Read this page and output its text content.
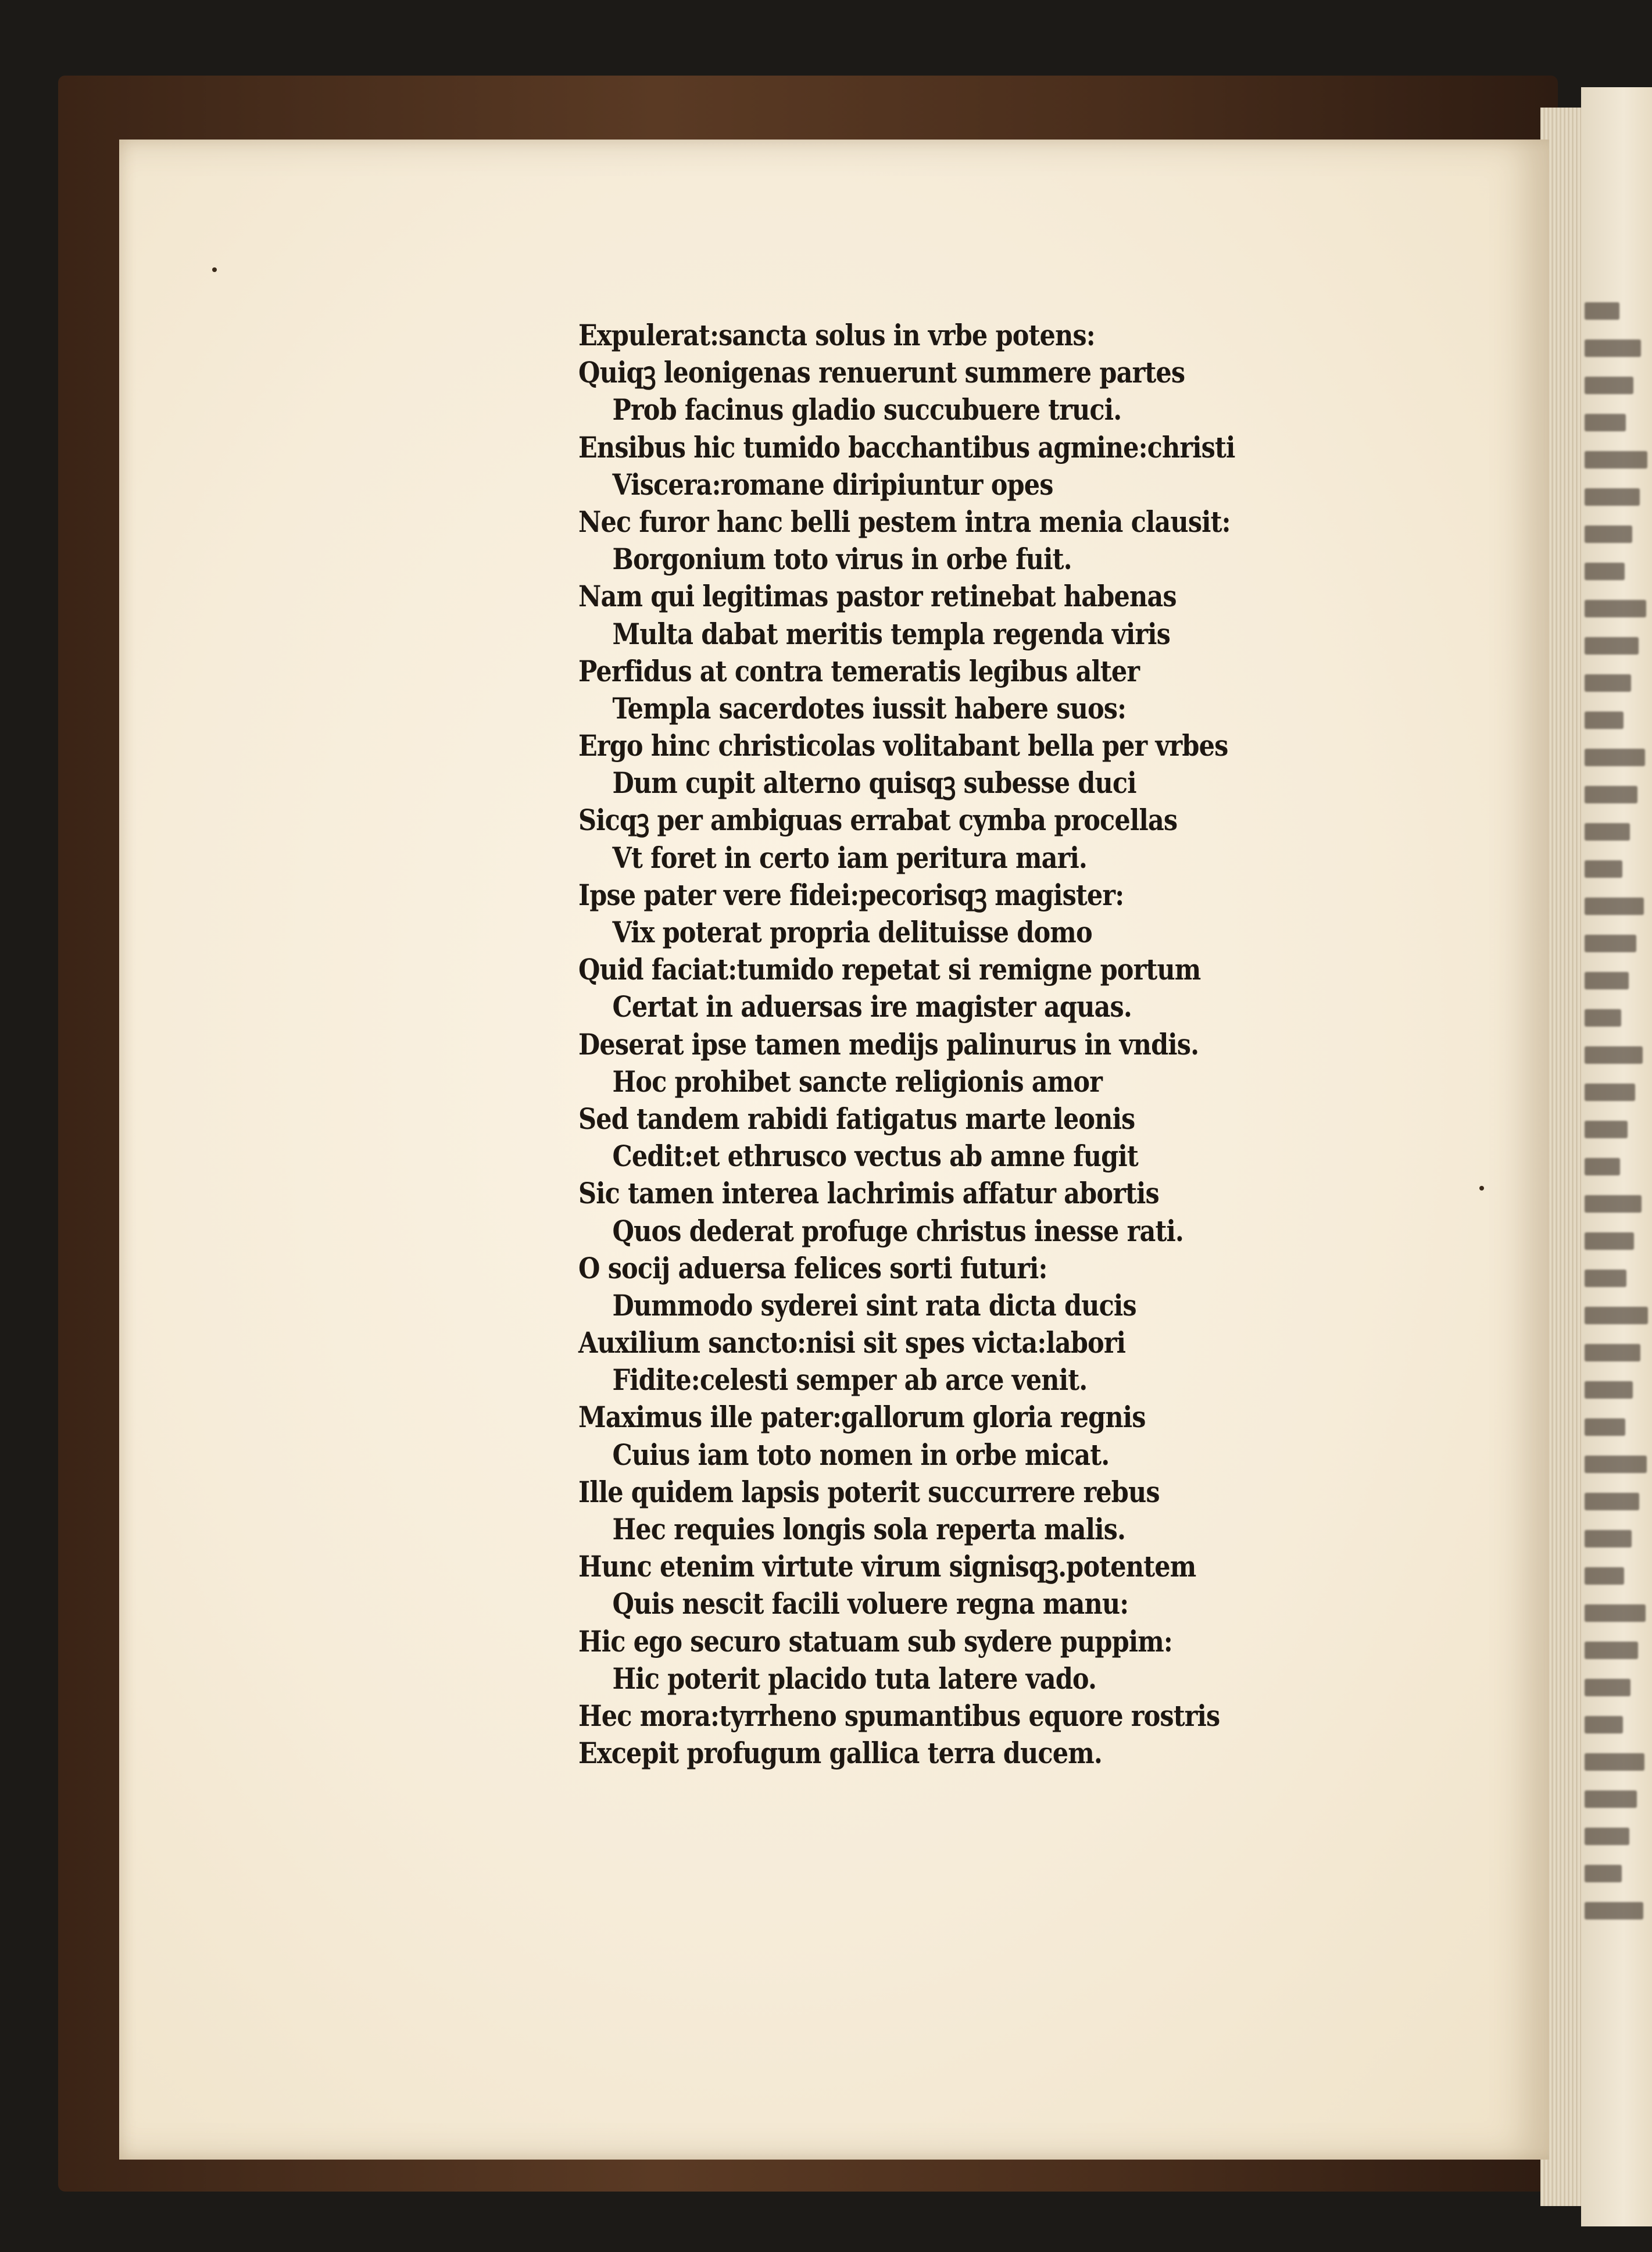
Expulerat:sancta solus in vrbe potens:
Quiqꝫ leonigenas renuerunt summere partes
Prob facinus gladio succubuere truci.
Ensibus hic tumido bacchantibus agmine:christi
Viscera:romane diripiuntur opes
Nec furor hanc belli pestem intra menia clausit:
Borgonium toto virus in orbe fuit.
Nam qui legitimas pastor retinebat habenas
Multa dabat meritis templa regenda viris
Perfidus at contra temeratis legibus alter
Templa sacerdotes iussit habere suos:
Ergo hinc christicolas volitabant bella per vrbes
Dum cupit alterno quisqꝫ subesse duci
Sicqꝫ per ambiguas errabat cymba procellas
Vt foret in certo iam peritura mari.
Ipse pater vere fidei:pecorisqꝫ magister:
Vix poterat propria delituisse domo
Quid faciat:tumido repetat si remigne portum
Certat in aduersas ire magister aquas.
Deserat ipse tamen medijs palinurus in vndis.
Hoc prohibet sancte religionis amor
Sed tandem rabidi fatigatus marte leonis
Cedit:et ethrusco vectus ab amne fugit
Sic tamen interea lachrimis affatur abortis
Quos dederat profuge christus inesse rati.
O socij aduersa felices sorti futuri:
Dummodo syderei sint rata dicta ducis
Auxilium sancto:nisi sit spes victa:labori
Fidite:celesti semper ab arce venit.
Maximus ille pater:gallorum gloria regnis
Cuius iam toto nomen in orbe micat.
Ille quidem lapsis poterit succurrere rebus
Hec requies longis sola reperta malis.
Hunc etenim virtute virum signisqꝫ.potentem
Quis nescit facili voluere regna manu:
Hic ego securo statuam sub sydere puppim:
Hic poterit placido tuta latere vado.
Hec mora:tyrrheno spumantibus equore rostris
Excepit profugum gallica terra ducem.
